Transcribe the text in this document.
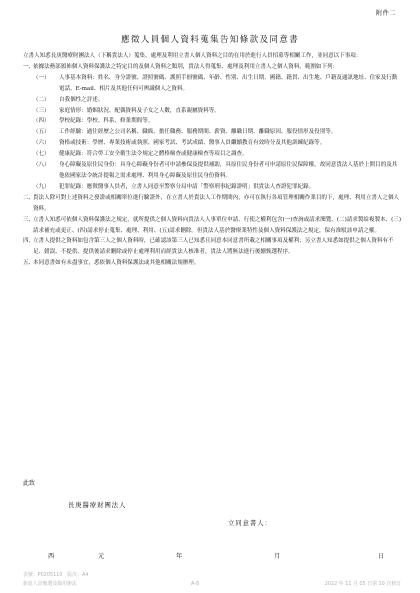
附件二
應徵人員個人資料蒐集告知條款及同意書

立書人知悉長庚醫療財團法人（下稱貴法人）蒐集、處理及利用立書人個人資料之目的在用於進行人員招募等相關工作，並同意以下事項：

一、
依據法務部頒佈個人資料保護法之特定目的及個人資料之類別，貴法人得蒐集、處理及利用立書人之個人資料，範圍如下列：
（一）	人事基本資料：姓名、身分證號、證照號碼、護照手冊號碼、年齡、性別、出生日期、國籍、籍貫、出生地、戶籍及通訊地址、住家及行動電話、E-mail、相片及其他任何可辨識個人之資料。
（二）	自我個性之評述。
（三）	家庭情形：婚姻狀況、配偶資料及子女之人數，直系親屬資料等。
（四）	學校紀錄：學校、科系、修業期間等。
（五）	工作經驗：過往經歷之公司名稱、職級、擔任職務、服務期間、薪資、離職日期、離職原因、服役情形及役別等。
（六）	資格或技術：學歷、專業技術或執照、國家考試、考試成績、醫事人員繼續教育有效時分及其他訓練紀錄等。
（七）	健康紀錄：符合勞工安全衛生法令規定之體格檢查或健康檢查等項目之調查。
（八）	身心障礙及原住民身份：具身心障礙身份者可申請參保及提供補助，具原住民身份者可申請原住民保障權，故同意貴法人基於上開目的及其他依國家法令統計提報之需求處理、利用身心障礙及原住民身份資料。
（九）	犯罪紀錄：應徵醫事人員者，立書人同意至警察分局申請「警察刑事紀錄證明」供貴法人查證犯罪紀錄。
二、
貴法人除可對上述資料之發證或相關單位進行驗證外，在立書人於貴法人工作期間內，亦可在執行各項管理相關作業目的下，處理、利用立書人之個人資料。
三、
立書人知悉可依個人資料保護法之規定，就所提供之個人資料向貴法人人事單位申請、行使之權利包含(一)查詢或請求閱覽、(二)請求製給複製本、(三)請求補充或更正、(四)請求停止蒐集、處理、利用、(五)請求刪除。但貴法人基於醫療業特性及個人資料保護法之規定，保有准駁該申請之權。
四、
立書人提供之資料如包含第三人之個人資料時，已確認該第三人已知悉且同意本同意書所載之相關事項及權利；另立書人知悉如提供之個人資料有不足、錯誤、不提供、提供後請求刪除或停止處理利用而經貴法人核准者，貴法人將無法進行後續甄選程序。
五、
本同意書如有未盡事宜，悉依個人資料保護法或其他相關法規辦理。
此致
長庚醫療財團法人
立同意書人：
西	元	年	月	日
表號：P0205110　版次：A4
新進人員甄選及錄用辦法	A-8	2022 年 11 月 05 日第 10 次修訂
